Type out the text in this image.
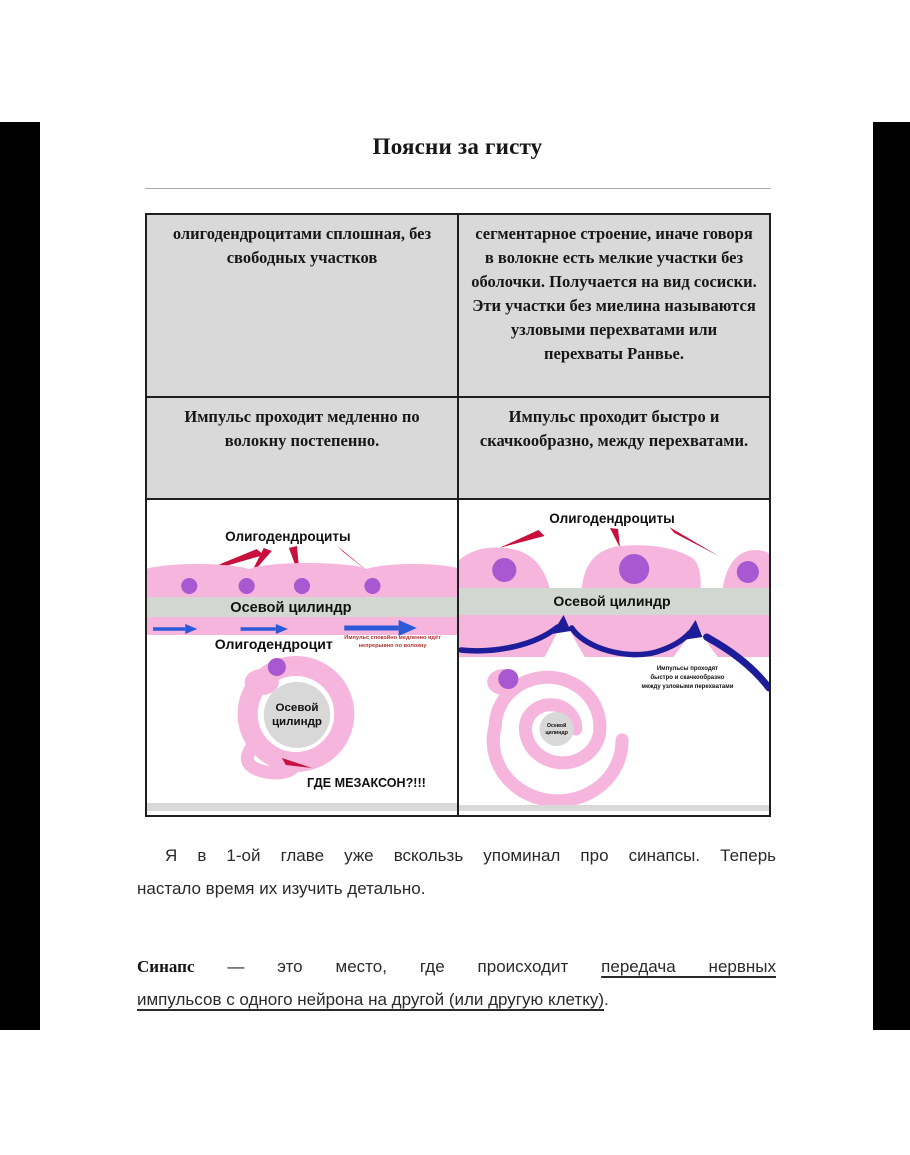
Поясни за гисту
олигодендроцитами сплошная, без свободных участков	сегментарное строение, иначе говоря в волокне есть мелкие участки без оболочки. Получается на вид сосиски. Эти участки без миелина называются узловыми перехватами или перехваты Ранвье.
Импульс проходит медленно по волокну постепенно.	Импульс проходит быстро и скачкообразно, между перехватами.

Олигодендроциты
Осевой цилиндр
Олигодендроцит Импульс спокойно медленно идёт
непрерывно по волокну
Осевой
цилиндр
ГДЕ МЕЗАКСОН?!!!

Олигодендроциты
Осевой цилиндр
Импульсы проходят
быстро и скачкообразно
между узловыми перехватами
Осевой
цилиндр
Я в 1-ой главе уже вскользь упоминал про синапсы. Теперь
настало время их изучить детально.
Синапс — это место, где происходит передача нервных
импульсов с одного нейрона на другой (или другую клетку).
